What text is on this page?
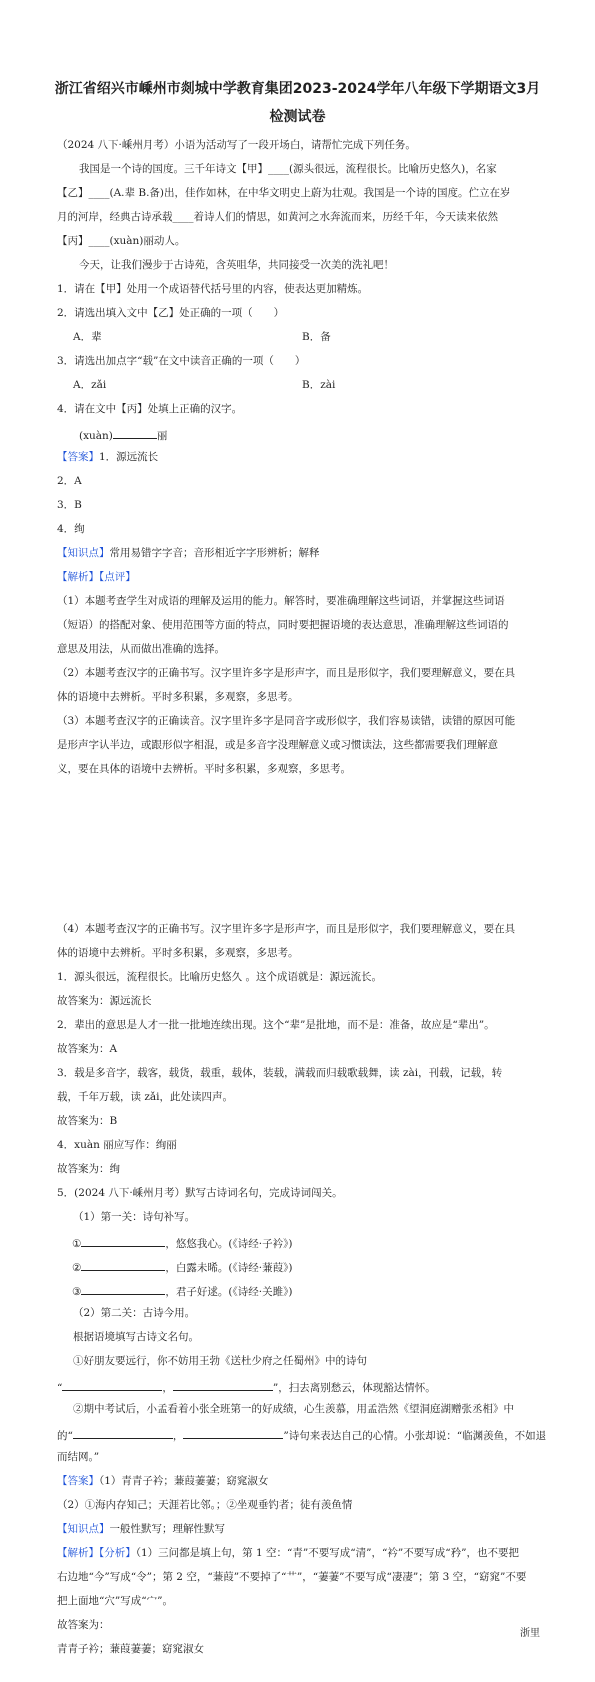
浙江省绍兴市嵊州市剡城中学教育集团2023-2024学年八年级下学期语文3月
检测试卷
（2024 八下·嵊州月考）小语为活动写了一段开场白，请帮忙完成下列任务。
我国是一个诗的国度。三千年诗文【甲】____(源头很远，流程很长。比喻历史悠久)，名家
【乙】____(A.辈 B.备)出，佳作如林，在中华文明史上蔚为壮观。我国是一个诗的国度。伫立在岁
月的河岸，经典古诗承载____着诗人们的情思，如黄河之水奔流而来，历经千年，今天读来依然
【丙】____(xuàn)丽动人。
今天，让我们漫步于古诗苑，含英咀华，共同接受一次美的洗礼吧！
1．请在【甲】处用一个成语替代括号里的内容，使表达更加精炼。
2．请选出填入文中【乙】处正确的一项（　　）
A．辈	B．备
3．请选出加点字“载”在文中读音正确的一项（　　）
A．zǎi	B．zài
4．请在文中【丙】处填上正确的汉字。
(xuàn)	丽
【答案】1．源远流长
2．A
3．B
4．绚
【知识点】常用易错字字音；音形相近字字形辨析；解释
【解析】【点评】
（1）本题考查学生对成语的理解及运用的能力。解答时，要准确理解这些词语，并掌握这些词语
（短语）的搭配对象、使用范围等方面的特点，同时要把握语境的表达意思，准确理解这些词语的
意思及用法，从而做出准确的选择。
（2）本题考查汉字的正确书写。汉字里许多字是形声字，而且是形似字，我们要理解意义，要在具
体的语境中去辨析。平时多积累，多观察，多思考。
（3）本题考查汉字的正确读音。汉字里许多字是同音字或形似字，我们容易读错，读错的原因可能
是形声字认半边，或跟形似字相混，或是多音字没理解意义或习惯读法，这些都需要我们理解意
义，要在具体的语境中去辨析。平时多积累，多观察，多思考。
（4）本题考查汉字的正确书写。汉字里许多字是形声字，而且是形似字，我们要理解意义，要在具
体的语境中去辨析。平时多积累，多观察，多思考。
1．源头很远，流程很长。比喻历史悠久 。这个成语就是：源远流长。
故答案为：源远流长
2．辈出的意思是人才一批一批地连续出现。这个“辈”是批地，而不是：准备，故应是“辈出”。
故答案为：A
3．载是多音字，载客，载货，载重，载体，装载，满载而归载歌载舞，读 zài，刊载，记载，转
载，千年万载，读 zǎi，此处读四声。
故答案为：B
4．xuàn 丽应写作：绚丽
故答案为：绚
5．(2024 八下·嵊州月考）默写古诗词名句，完成诗词闯关。
（1）第一关：诗句补写。
①	，悠悠我心。(《诗经·子衿》)
②	，白露未晞。(《诗经·蒹葭》)
③	，君子好逑。(《诗经·关雎》)
（2）第二关：古诗今用。
根据语境填写古诗文名句。
①好朋友要远行，你不妨用王勃《送杜少府之任蜀州》中的诗句
“	，	”，扫去离别愁云，体现豁达情怀。
②期中考试后，小孟看着小张全班第一的好成绩，心生羡慕，用孟浩然《望洞庭湖赠张丞相》中
的“	，	”诗句来表达自己的心情。小张却说：“临渊羡鱼，不如退
而结网。”
【答案】（1）青青子衿；蒹葭萋萋；窈窕淑女
（2）①海内存知己；天涯若比邻。；②坐观垂钓者；徒有羡鱼情
【知识点】一般性默写；理解性默写
【解析】【分析】（1）三问都是填上句，第 1 空：“青”不要写成“清”，“衿”不要写成“矜”，也不要把
右边地“今”写成“令”；第 2 空，“蒹葭”不要掉了“艹”，“萋萋”不要写成“凄凄”；第 3 空，“窈窕”不要
把上面地“穴”写成“宀”。
故答案为：
青青子衿；蒹葭萋萋；窈窕淑女
浙里
